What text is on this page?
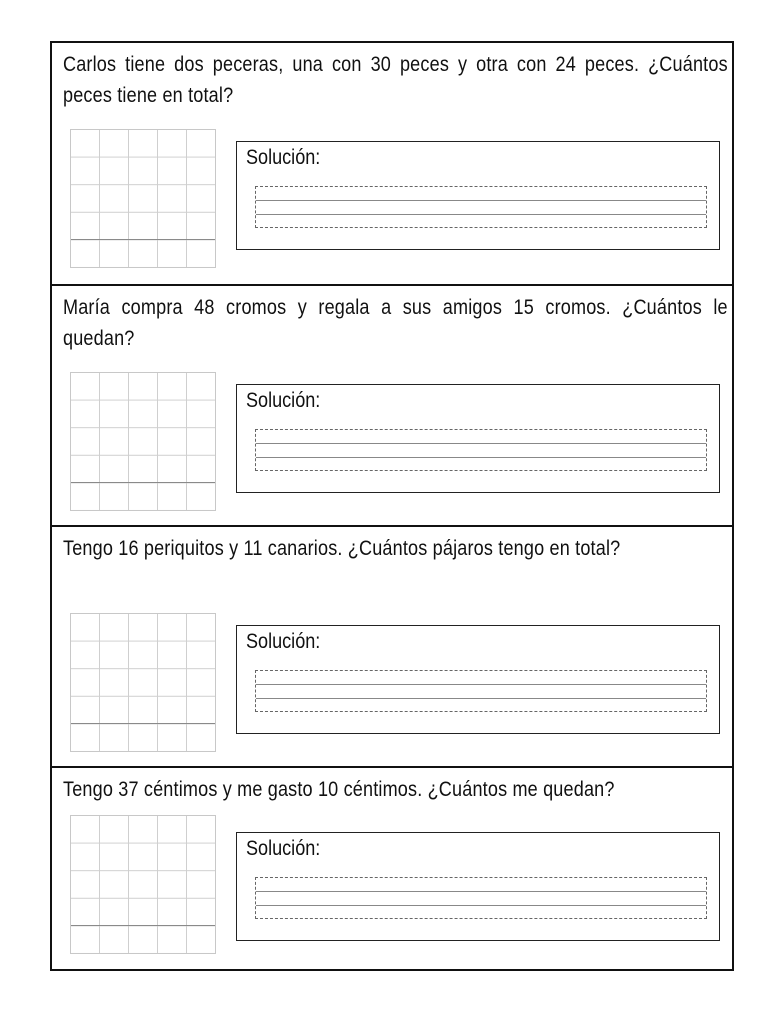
Carlos tiene dos peceras, una con 30 peces y otra con 24 peces. ¿Cuántos peces tiene en total?

Solución:

María compra 48 cromos y regala a sus amigos 15 cromos. ¿Cuántos le quedan?

Solución:

Tengo 16 periquitos y 11 canarios. ¿Cuántos pájaros tengo en total?

Solución:

Tengo 37 céntimos y me gasto 10 céntimos. ¿Cuántos me quedan?

Solución:
